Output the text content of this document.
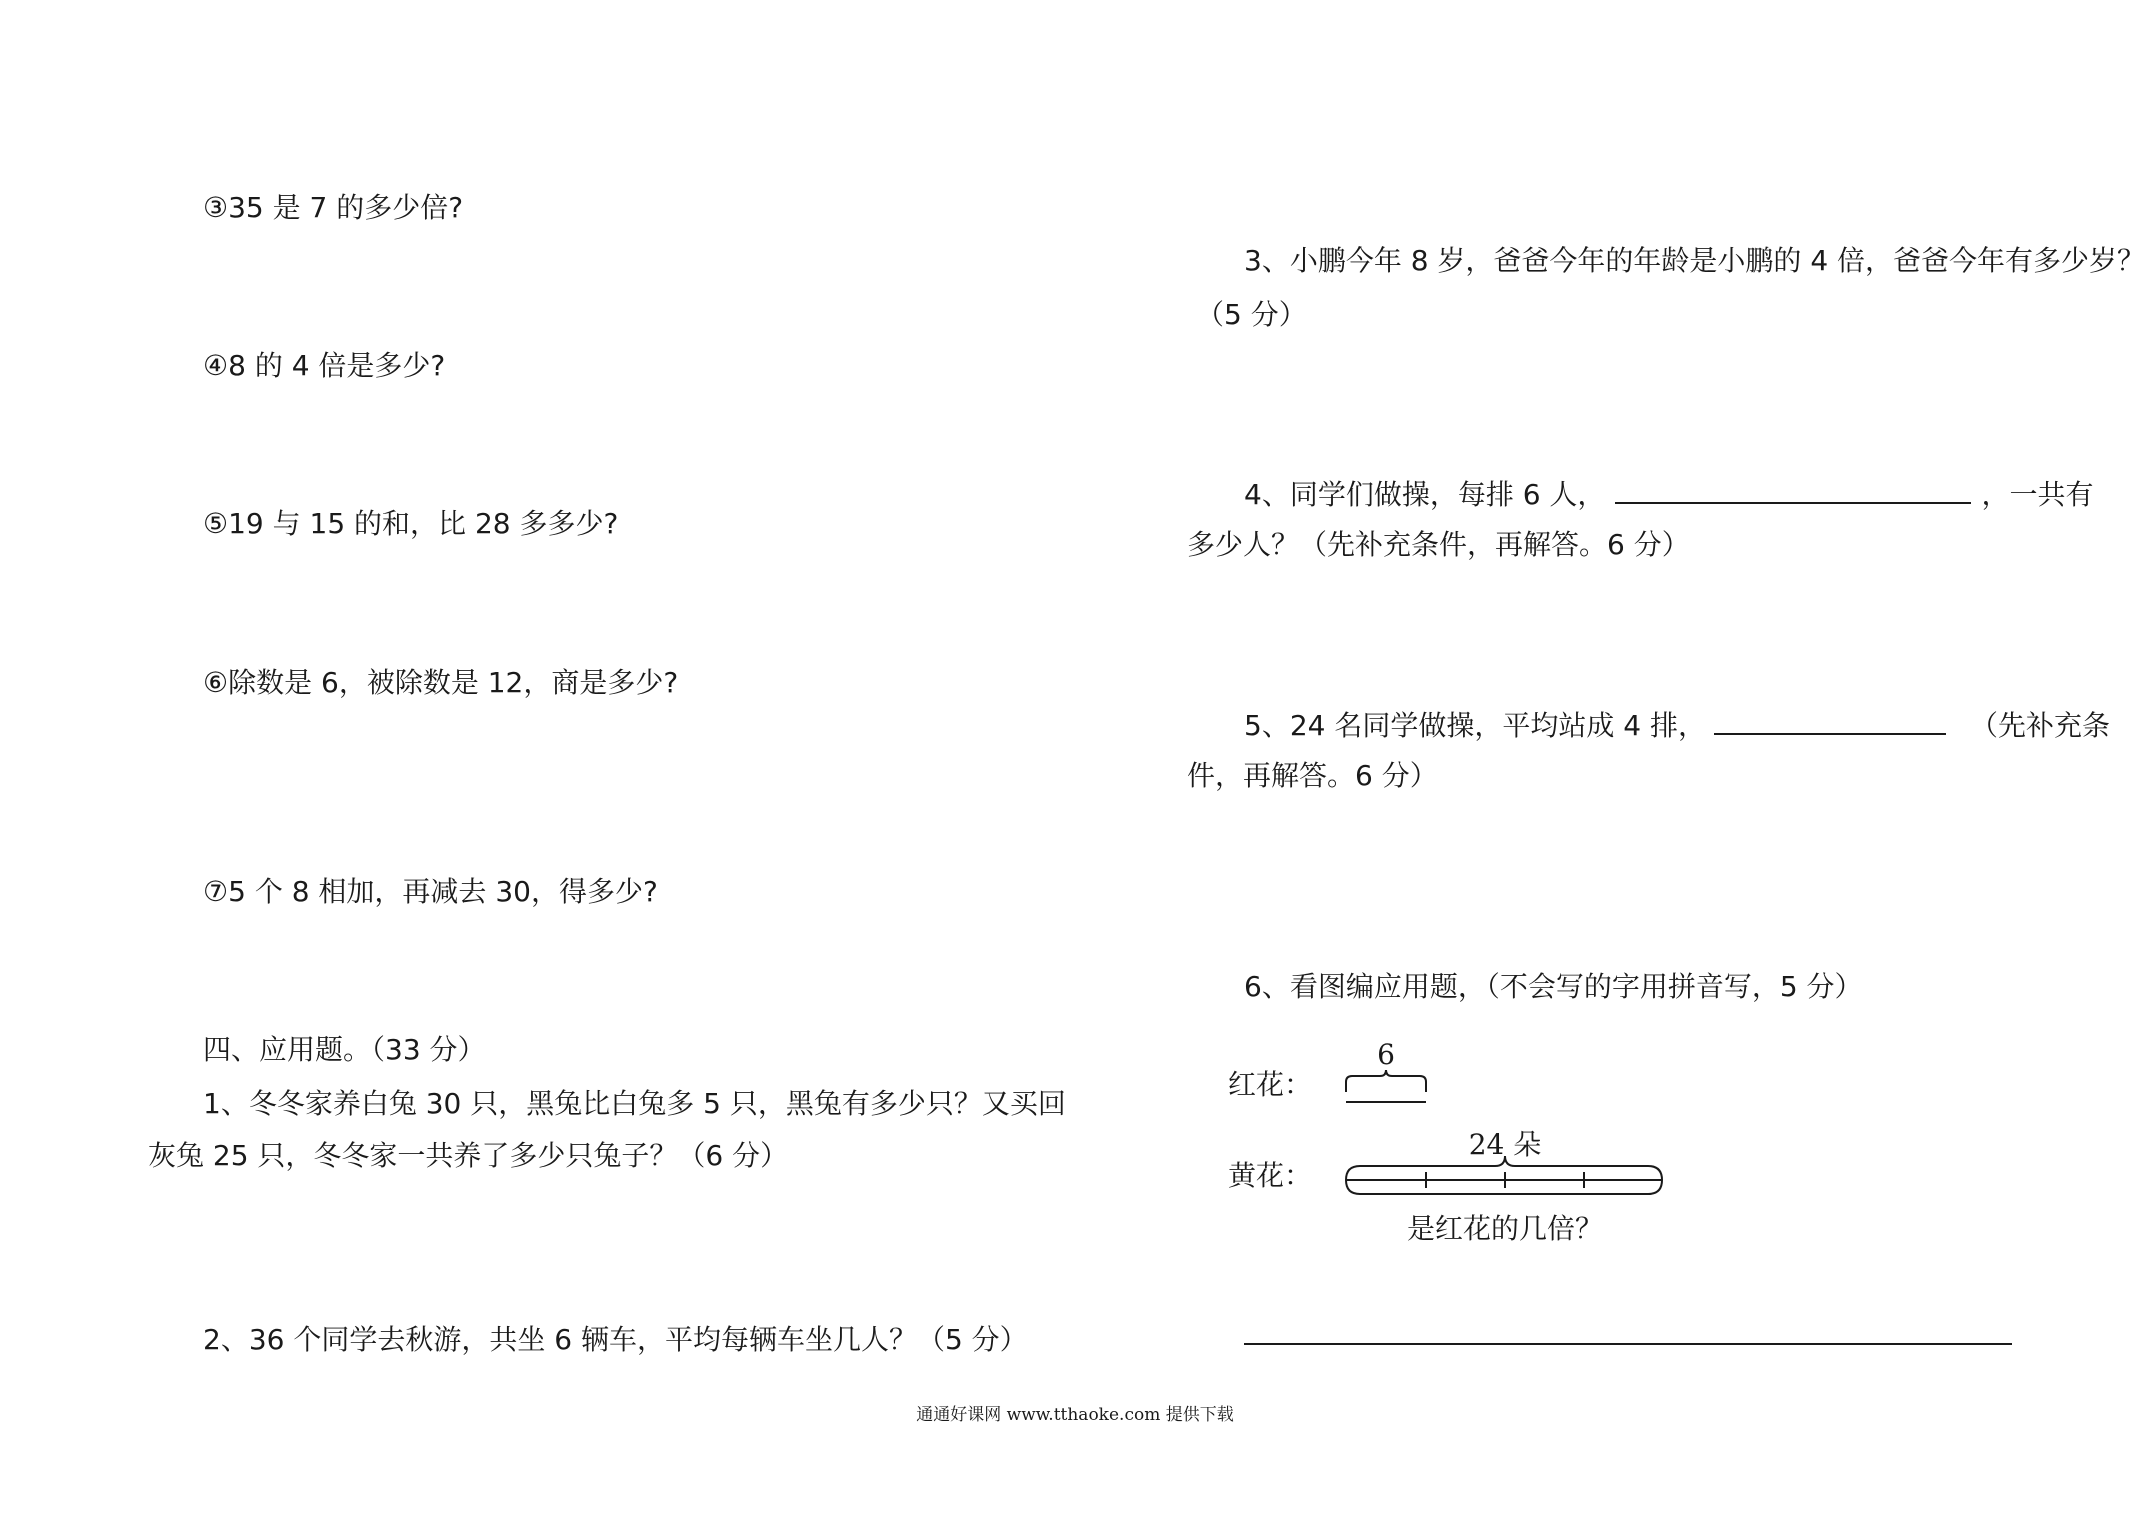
③35 是 7 的多少倍?

④8 的 4 倍是多少?

⑤19 与 15 的和，比 28 多多少?

⑥除数是 6，被除数是 12，商是多少?

⑦5 个 8 相加，再减去 30，得多少?

四、应用题。（33 分）

1、冬冬家养白兔 30 只，黑兔比白兔多 5 只，黑兔有多少只？又买回

灰兔 25 只，冬冬家一共养了多少只兔子？（6 分）

2、36 个同学去秋游，共坐 6 辆车，平均每辆车坐几人？（5 分）

3、小鹏今年 8 岁，爸爸今年的年龄是小鹏的 4 倍，爸爸今年有多少岁？

（5 分）

4、同学们做操，每排 6 人，	，一共有

多少人？（先补充条件，再解答。6 分）

5、24 名同学做操，平均站成 4 排，	（先补充条

件，再解答。6 分）

6、看图编应用题，（不会写的字用拼音写，5 分）

红花：
黄花：
6
24 朵
是红花的几倍？
通通好课网 www.tthaoke.com 提供下载
